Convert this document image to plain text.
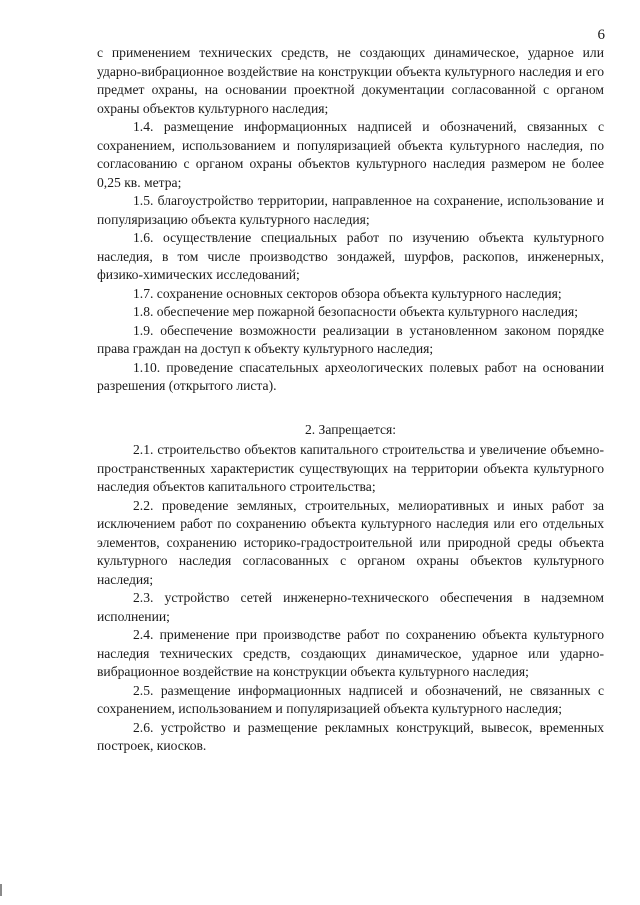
6

с применением технических средств, не создающих динамическое, ударное или ударно-вибрационное воздействие на конструкции объекта культурного наследия и его предмет охраны, на основании проектной документации согласованной с органом охраны объектов культурного наследия;

1.4. размещение информационных надписей и обозначений, связанных с сохранением, использованием и популяризацией объекта культурного наследия, по согласованию с органом охраны объектов культурного наследия размером не более 0,25 кв. метра;

1.5. благоустройство территории, направленное на сохранение, использование и популяризацию объекта культурного наследия;

1.6. осуществление специальных работ по изучению объекта культурного наследия, в том числе производство зондажей, шурфов, раскопов, инженерных, физико-химических исследований;

1.7. сохранение основных секторов обзора объекта культурного наследия;

1.8. обеспечение мер пожарной безопасности объекта культурного наследия;

1.9. обеспечение возможности реализации в установленном законом порядке права граждан на доступ к объекту культурного наследия;

1.10. проведение спасательных археологических полевых работ на основании разрешения (открытого листа).

2. Запрещается:

2.1. строительство объектов капитального строительства и увеличение объемно-пространственных характеристик существующих на территории объекта культурного наследия объектов капитального строительства;

2.2. проведение земляных, строительных, мелиоративных и иных работ за исключением работ по сохранению объекта культурного наследия или его отдельных элементов, сохранению историко-градостроительной или природной среды объекта культурного наследия согласованных с органом охраны объектов культурного наследия;

2.3. устройство сетей инженерно-технического обеспечения в надземном исполнении;

2.4. применение при производстве работ по сохранению объекта культурного наследия технических средств, создающих динамическое, ударное или ударно-вибрационное воздействие на конструкции объекта культурного наследия;

2.5. размещение информационных надписей и обозначений, не связанных с сохранением, использованием и популяризацией объекта культурного наследия;

2.6. устройство и размещение рекламных конструкций, вывесок, временных построек, киосков.
